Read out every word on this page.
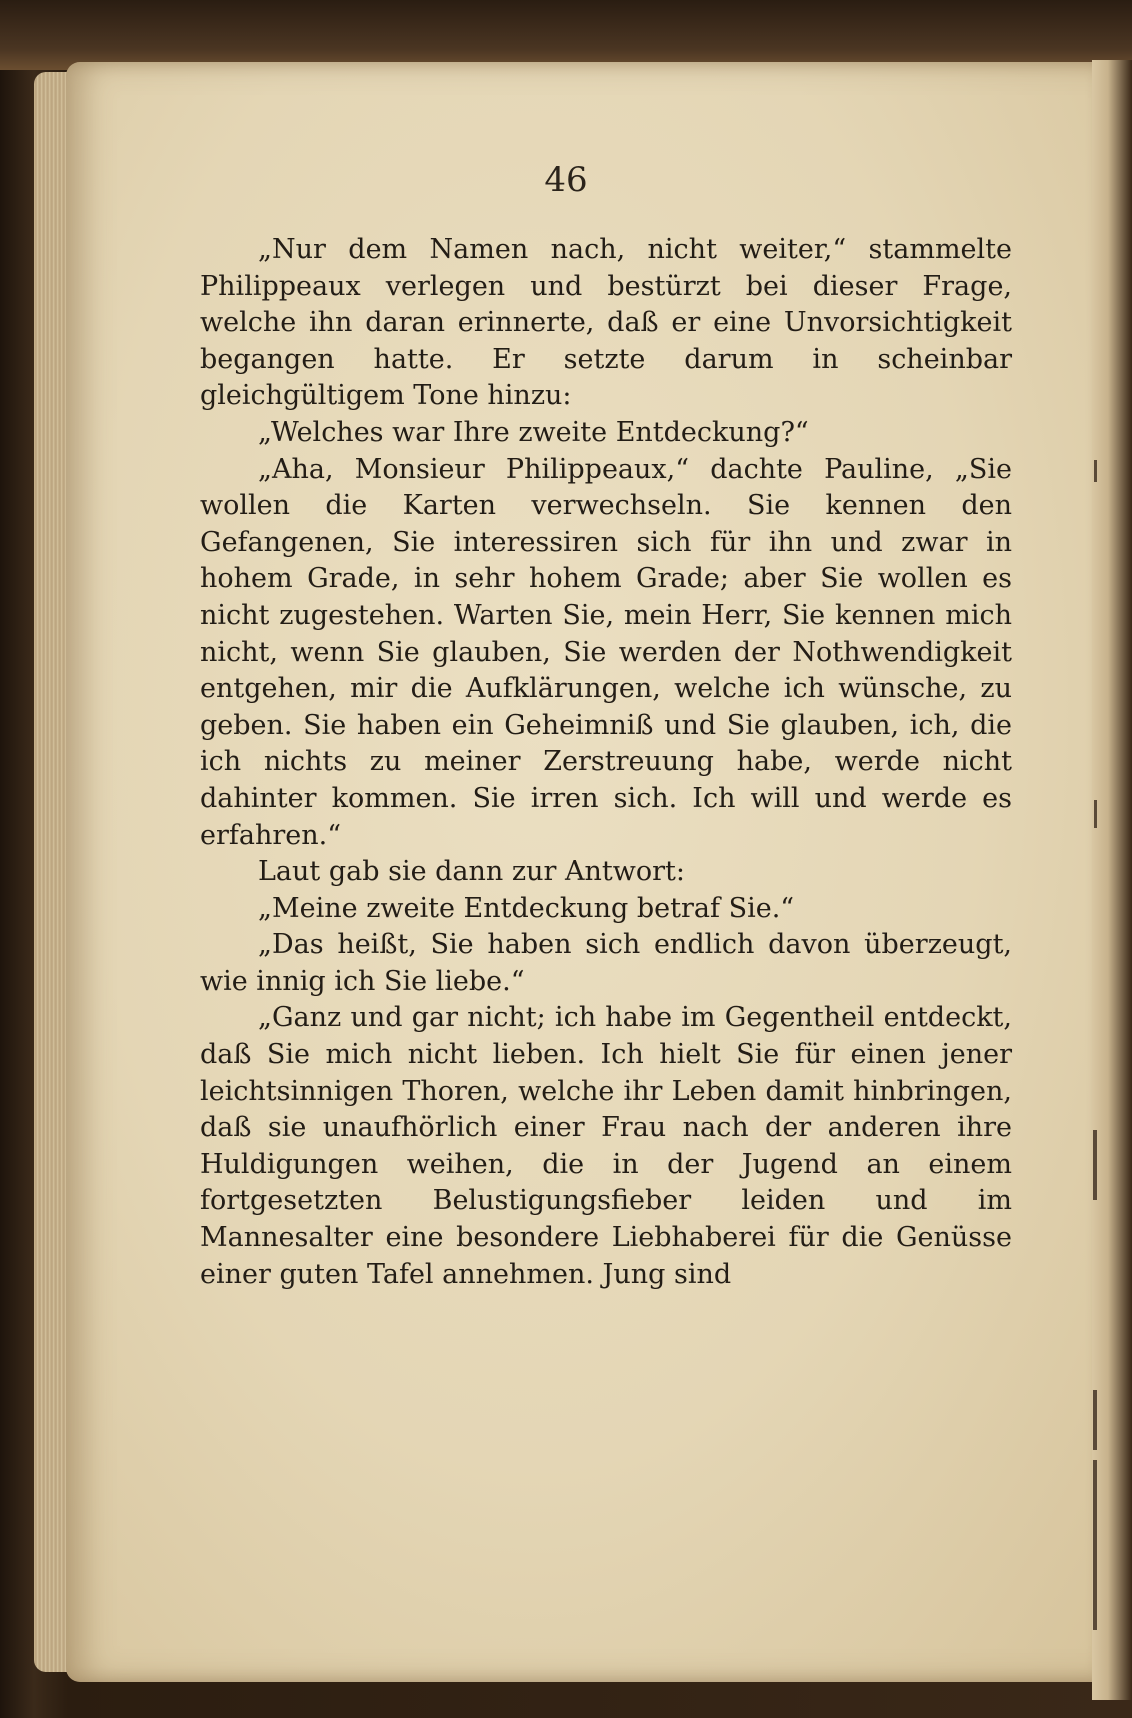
46

„Nur dem Namen nach, nicht weiter,“ stammelte Philippeaux verlegen und bestürzt bei dieser Frage, welche ihn daran erinnerte, daß er eine Unvorsichtigkeit begangen hatte. Er setzte darum in scheinbar gleichgültigem Tone hinzu:

„Welches war Ihre zweite Entdeckung?“

„Aha, Monsieur Philippeaux,“ dachte Pauline, „Sie wollen die Karten verwechseln. Sie kennen den Gefangenen, Sie interessiren sich für ihn und zwar in hohem Grade, in sehr hohem Grade; aber Sie wollen es nicht zugestehen. Warten Sie, mein Herr, Sie kennen mich nicht, wenn Sie glauben, Sie werden der Nothwendigkeit entgehen, mir die Aufklärungen, welche ich wünsche, zu geben. Sie haben ein Geheimniß und Sie glauben, ich, die ich nichts zu meiner Zerstreuung habe, werde nicht dahinter kommen. Sie irren sich. Ich will und werde es erfahren.“

Laut gab sie dann zur Antwort:

„Meine zweite Entdeckung betraf Sie.“

„Das heißt, Sie haben sich endlich davon überzeugt, wie innig ich Sie liebe.“

„Ganz und gar nicht; ich habe im Gegentheil entdeckt, daß Sie mich nicht lieben. Ich hielt Sie für einen jener leichtsinnigen Thoren, welche ihr Leben damit hinbringen, daß sie unaufhörlich einer Frau nach der anderen ihre Huldigungen weihen, die in der Jugend an einem fortgesetzten Belustigungsfieber leiden und im Mannesalter eine besondere Liebhaberei für die Genüsse einer guten Tafel annehmen. Jung sind
